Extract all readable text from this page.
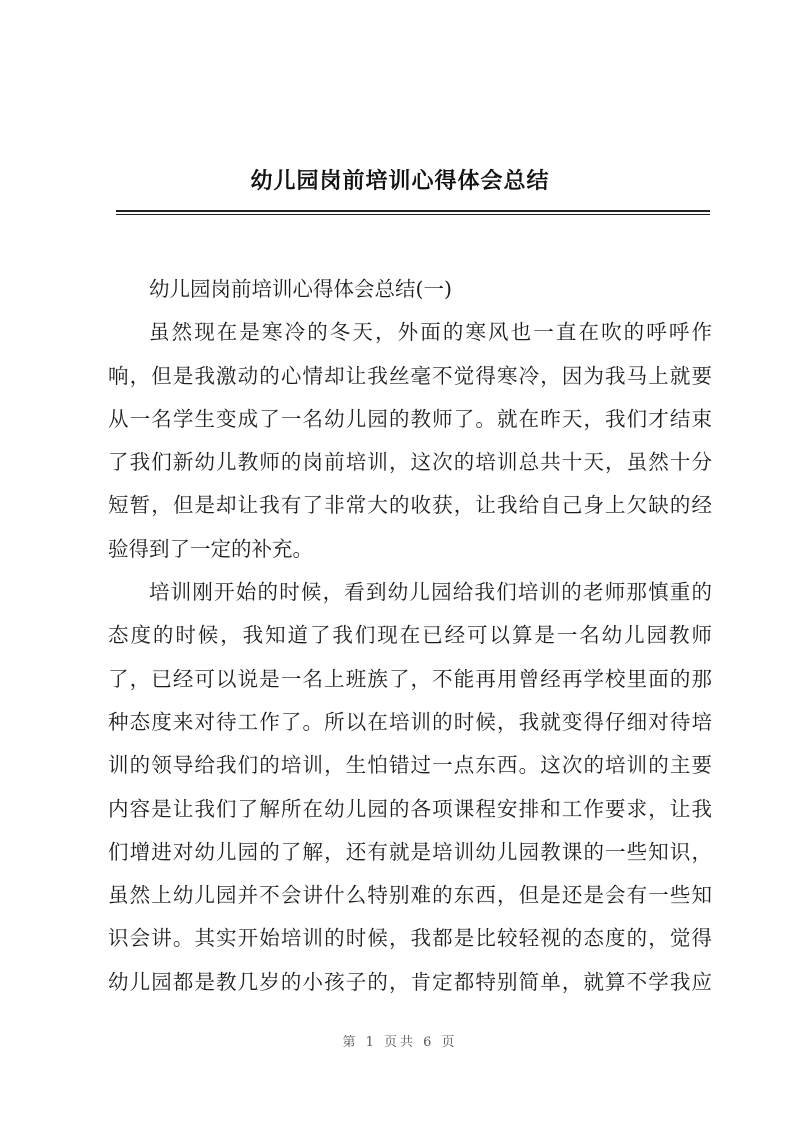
幼儿园岗前培训心得体会总结
幼儿园岗前培训心得体会总结(一)
虽然现在是寒冷的冬天，外面的寒风也一直在吹的呼呼作
响，但是我激动的心情却让我丝毫不觉得寒冷，因为我马上就要
从一名学生变成了一名幼儿园的教师了。就在昨天，我们才结束
了我们新幼儿教师的岗前培训，这次的培训总共十天，虽然十分
短暂，但是却让我有了非常大的收获，让我给自己身上欠缺的经
验得到了一定的补充。
培训刚开始的时候，看到幼儿园给我们培训的老师那慎重的
态度的时候，我知道了我们现在已经可以算是一名幼儿园教师
了，已经可以说是一名上班族了，不能再用曾经再学校里面的那
种态度来对待工作了。所以在培训的时候，我就变得仔细对待培
训的领导给我们的培训，生怕错过一点东西。这次的培训的主要
内容是让我们了解所在幼儿园的各项课程安排和工作要求，让我
们增进对幼儿园的了解，还有就是培训幼儿园教课的一些知识，
虽然上幼儿园并不会讲什么特别难的东西，但是还是会有一些知
识会讲。其实开始培训的时候，我都是比较轻视的态度的，觉得
幼儿园都是教几岁的小孩子的，肯定都特别简单，就算不学我应
第 1 页共 6 页
